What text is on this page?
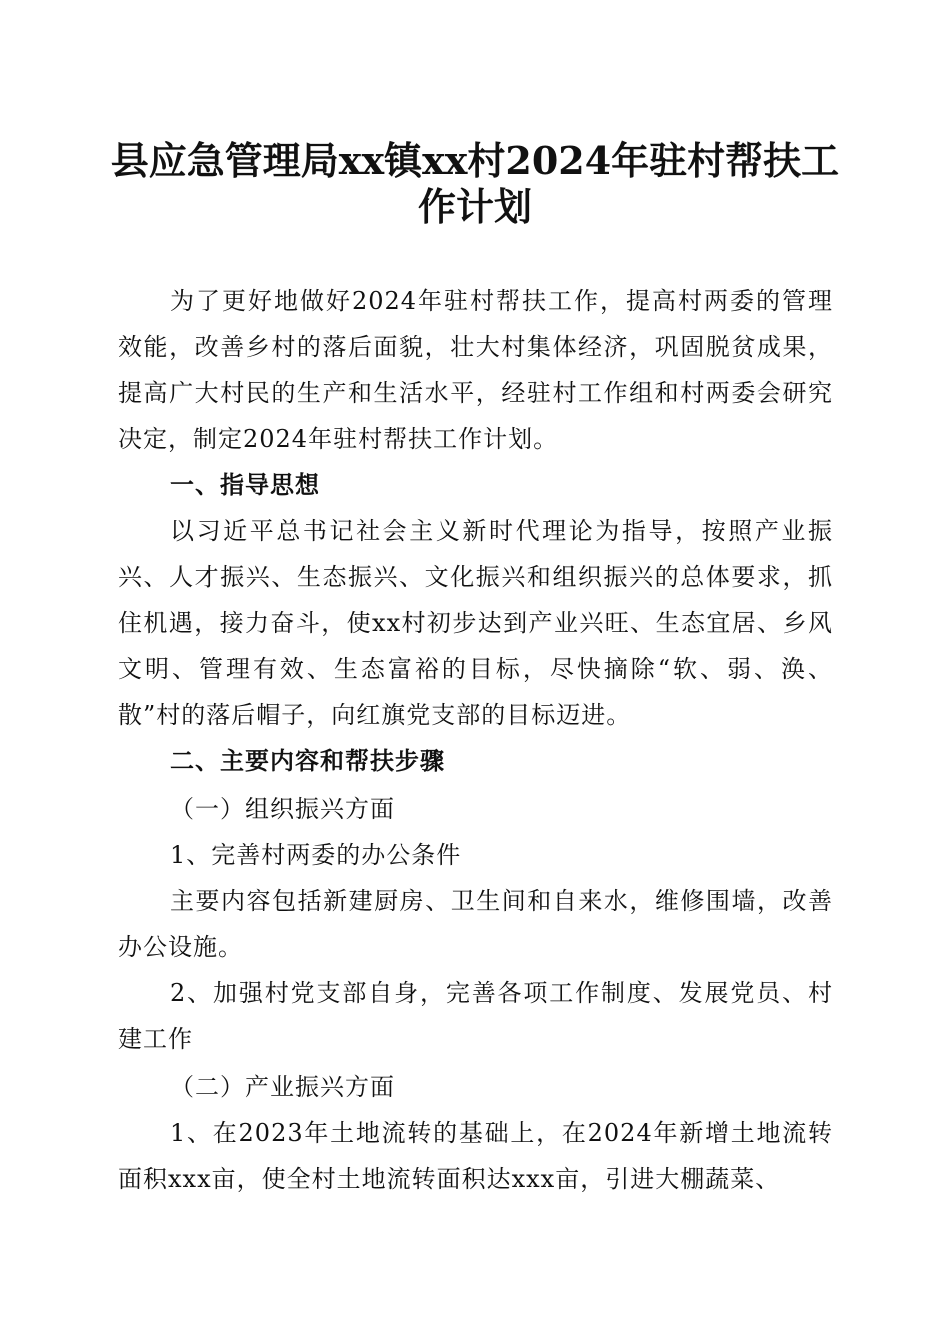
县应急管理局xx镇xx村2024年驻村帮扶工
作计划

为了更好地做好2024年驻村帮扶工作，提高村两委的管理效能，改善乡村的落后面貌，壮大村集体经济，巩固脱贫成果，提高广大村民的生产和生活水平，经驻村工作组和村两委会研究决定，制定2024年驻村帮扶工作计划。

一、指导思想

以习近平总书记社会主义新时代理论为指导，按照产业振兴、人才振兴、生态振兴、文化振兴和组织振兴的总体要求，抓住机遇，接力奋斗，使xx村初步达到产业兴旺、生态宜居、乡风文明、管理有效、生态富裕的目标，尽快摘除“软、弱、涣、散”村的落后帽子，向红旗党支部的目标迈进。

二、主要内容和帮扶步骤

（一）组织振兴方面

1、完善村两委的办公条件

主要内容包括新建厨房、卫生间和自来水，维修围墙，改善办公设施。

2、加强村党支部自身，完善各项工作制度、发展党员、村建工作

（二）产业振兴方面

1、在2023年土地流转的基础上，在2024年新增土地流转面积xxx亩，使全村土地流转面积达xxx亩，引进大棚蔬菜、
